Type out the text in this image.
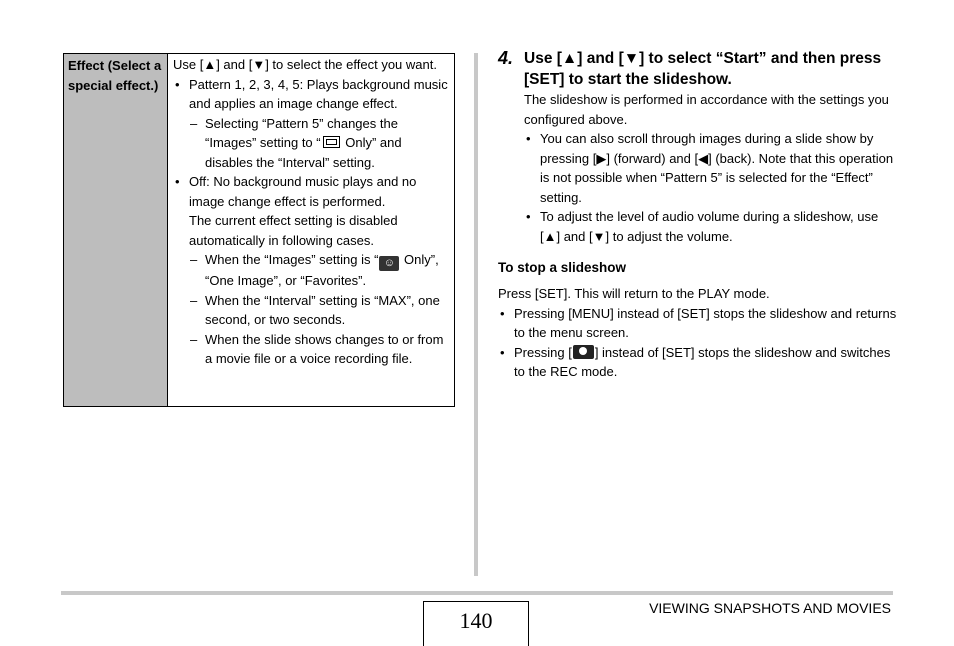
Effect (Select a special effect.)

Use [▲] and [▼] to select the effect you want.

• Pattern 1, 2, 3, 4, 5: Plays background music and applies an image change effect.

– Selecting “Pattern 5” changes the “Images” setting to “ Only” and disables the “Interval” setting.

• Off: No background music plays and no image change effect is performed.

The current effect setting is disabled automatically in following cases.

– When the “Images” setting is “ ☺ Only”, “One Image”, or “Favorites”.

– When the “Interval” setting is “MAX”, one second, or two seconds.

– When the slide shows changes to or from a movie file or a voice recording file.

4. Use [▲] and [▼] to select “Start” and then press [SET] to start the slideshow.

The slideshow is performed in accordance with the settings you configured above.

• You can also scroll through images during a slide show by pressing [▶] (forward) and [◀] (back). Note that this operation is not possible when “Pattern 5” is selected for the “Effect” setting.

• To adjust the level of audio volume during a slideshow, use [▲] and [▼] to adjust the volume.

To stop a slideshow

Press [SET]. This will return to the PLAY mode.

• Pressing [MENU] instead of [SET] stops the slideshow and returns to the menu screen.

• Pressing [ ] instead of [SET] stops the slideshow and switches to the REC mode.

140	VIEWING SNAPSHOTS AND MOVIES
